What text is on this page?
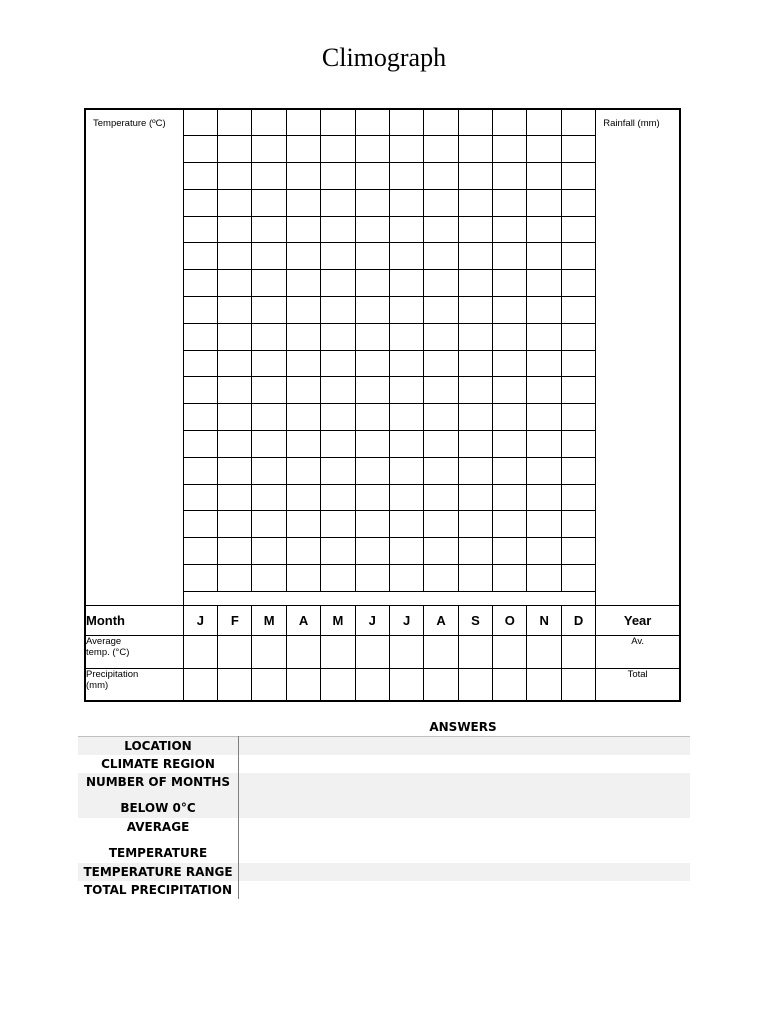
Climograph
Temperature (ºC)													Rainfall (mm)

Month	J	F	M	A	M	J	J	A	S	O	N	D	Year

Average
temp. (°C)													Av.

Precipitation
(mm)													Total
ANSWERS
LOCATION	

CLIMATE REGION	

NUMBER OF MONTHS
BELOW 0°C	

AVERAGE
TEMPERATURE	

TEMPERATURE RANGE	

TOTAL PRECIPITATION	
